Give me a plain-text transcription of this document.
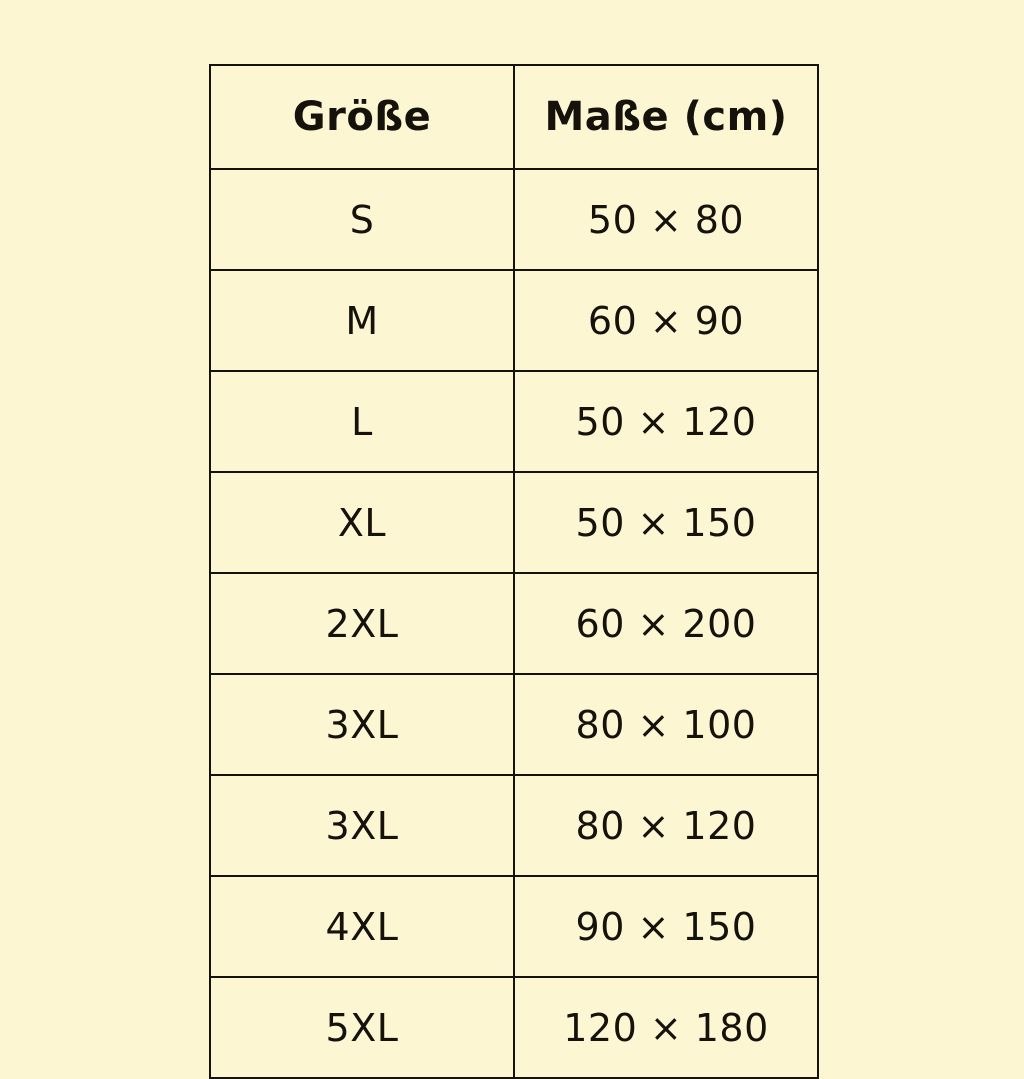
Größe	Maße (cm)
S	50 × 80
M	60 × 90
L	50 × 120
XL	50 × 150
2XL	60 × 200
3XL	80 × 100
3XL	80 × 120
4XL	90 × 150
5XL	120 × 180
